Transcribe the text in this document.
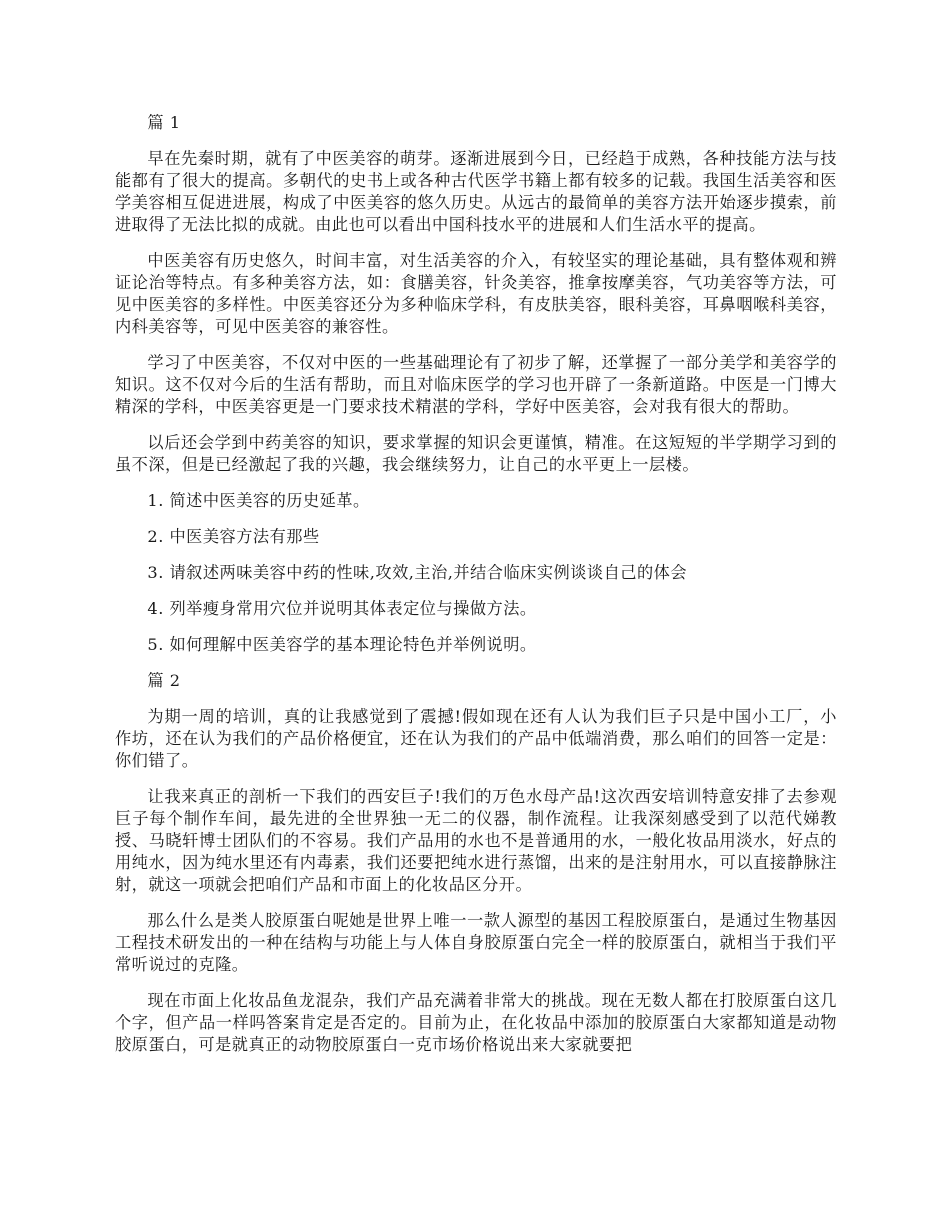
篇 1

早在先秦时期，就有了中医美容的萌芽。逐渐进展到今日，已经趋于成熟，各种技能方法与技能都有了很大的提高。多朝代的史书上或各种古代医学书籍上都有较多的记载。我国生活美容和医学美容相互促进进展，构成了中医美容的悠久历史。从远古的最简单的美容方法开始逐步摸索，前进取得了无法比拟的成就。由此也可以看出中国科技水平的进展和人们生活水平的提高。

中医美容有历史悠久，时间丰富，对生活美容的介入，有较坚实的理论基础，具有整体观和辨证论治等特点。有多种美容方法，如：食膳美容，针灸美容，推拿按摩美容，气功美容等方法，可见中医美容的多样性。中医美容还分为多种临床学科，有皮肤美容，眼科美容，耳鼻咽喉科美容，内科美容等，可见中医美容的兼容性。

学习了中医美容，不仅对中医的一些基础理论有了初步了解，还掌握了一部分美学和美容学的知识。这不仅对今后的生活有帮助，而且对临床医学的学习也开辟了一条新道路。中医是一门博大精深的学科，中医美容更是一门要求技术精湛的学科，学好中医美容，会对我有很大的帮助。

以后还会学到中药美容的知识，要求掌握的知识会更谨慎，精准。在这短短的半学期学习到的虽不深，但是已经激起了我的兴趣，我会继续努力，让自己的水平更上一层楼。

1. 简述中医美容的历史延革。

2. 中医美容方法有那些

3. 请叙述两味美容中药的性味,攻效,主治,并结合临床实例谈谈自己的体会

4. 列举瘦身常用穴位并说明其体表定位与操做方法。

5. 如何理解中医美容学的基本理论特色并举例说明。

篇 2

为期一周的培训，真的让我感觉到了震撼!假如现在还有人认为我们巨子只是中国小工厂，小作坊，还在认为我们的产品价格便宜，还在认为我们的产品中低端消费，那么咱们的回答一定是：你们错了。

让我来真正的剖析一下我们的西安巨子!我们的万色水母产品!这次西安培训特意安排了去参观巨子每个制作车间，最先进的全世界独一无二的仪器，制作流程。让我深刻感受到了以范代娣教授、马晓轩博士团队们的不容易。我们产品用的水也不是普通用的水，一般化妆品用淡水，好点的用纯水，因为纯水里还有内毒素，我们还要把纯水进行蒸馏，出来的是注射用水，可以直接静脉注射，就这一项就会把咱们产品和市面上的化妆品区分开。

那么什么是类人胶原蛋白呢她是世界上唯一一款人源型的基因工程胶原蛋白，是通过生物基因工程技术研发出的一种在结构与功能上与人体自身胶原蛋白完全一样的胶原蛋白，就相当于我们平常听说过的克隆。

现在市面上化妆品鱼龙混杂，我们产品充满着非常大的挑战。现在无数人都在打胶原蛋白这几个字，但产品一样吗答案肯定是否定的。目前为止，在化妆品中添加的胶原蛋白大家都知道是动物胶原蛋白，可是就真正的动物胶原蛋白一克市场价格说出来大家就要把
